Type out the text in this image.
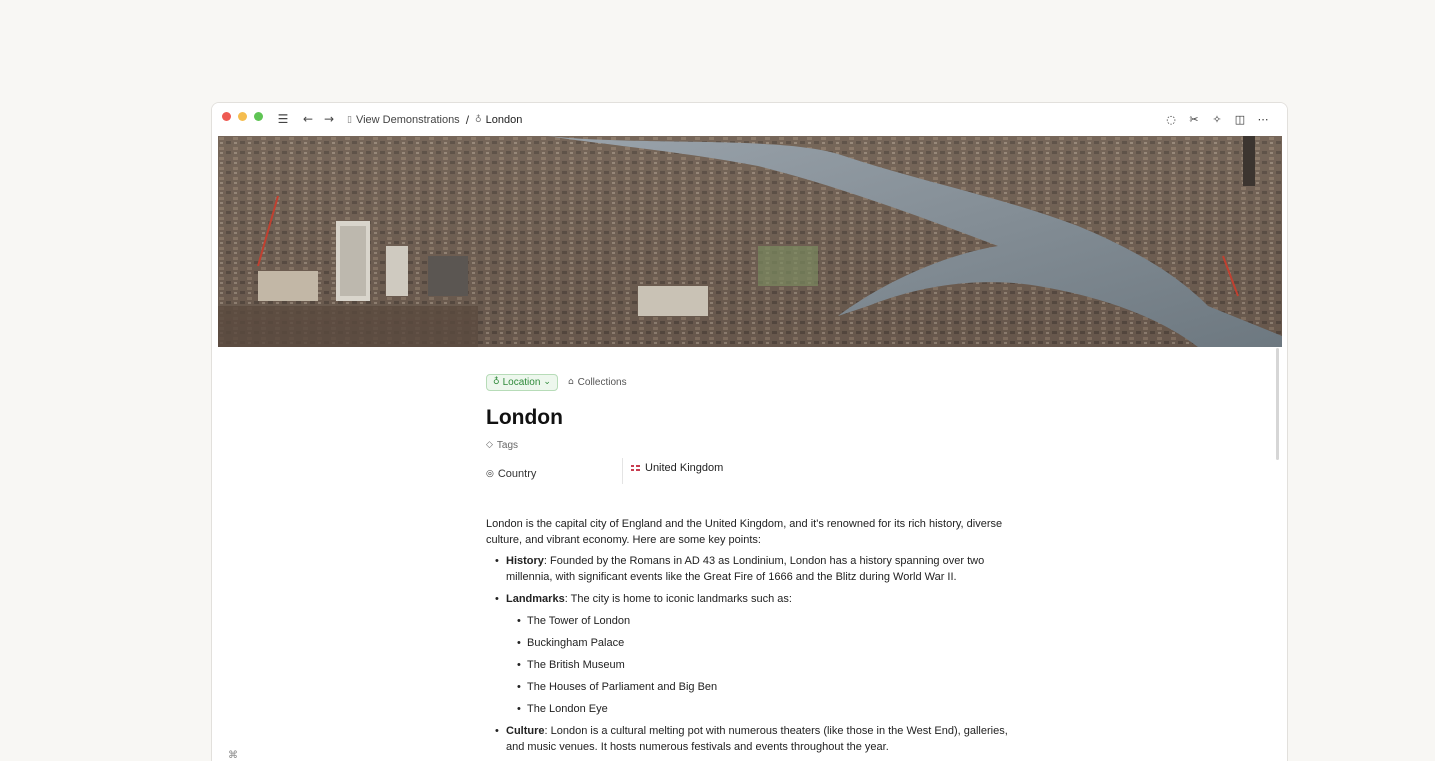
☰ ← → ▯ View Demonstrations / ♁ London	◌ ✂ ✧ ◫ ⋯
♁ Location ⌄ ⌂ Collections
London
◇ Tags
◎ Country	United Kingdom

London is the capital city of England and the United Kingdom, and it's renowned for its rich history, diverse culture, and vibrant economy. Here are some key points:

• History: Founded by the Romans in AD 43 as Londinium, London has a history spanning over two millennia, with significant events like the Great Fire of 1666 and the Blitz during World War II.
• Landmarks: The city is home to iconic landmarks such as:
• The Tower of London
• Buckingham Palace
• The British Museum
• The Houses of Parliament and Big Ben
• The London Eye
• Culture: London is a cultural melting pot with numerous theaters (like those in the West End), galleries, and music venues. It hosts numerous festivals and events throughout the year.
⌘
